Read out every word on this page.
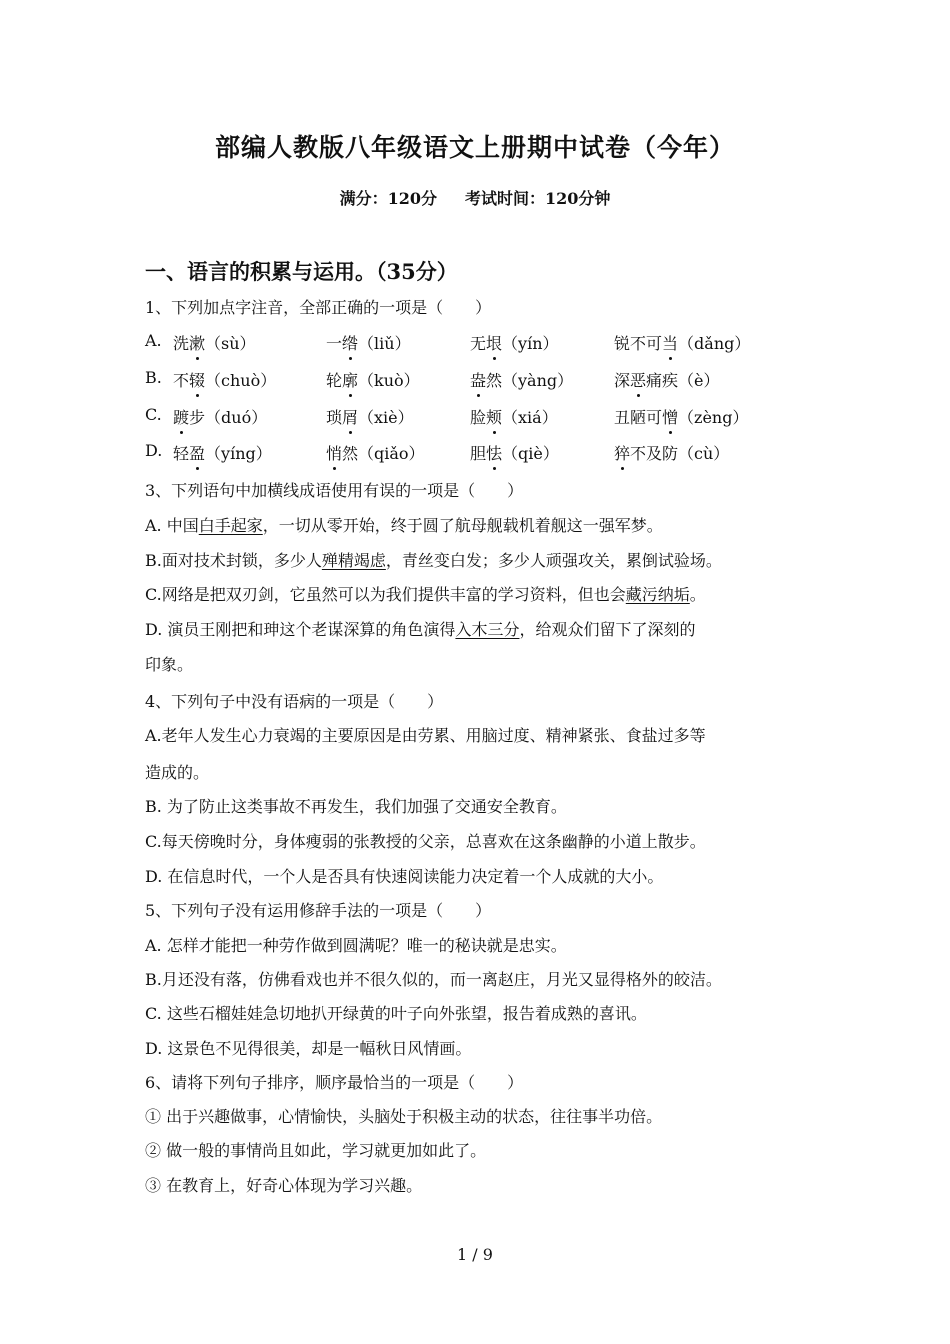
部编人教版八年级语文上册期中试卷（今年）
满分：120分 考试时间：120分钟
一、语言的积累与运用。（35分）
1、下列加点字注音，全部正确的一项是（　　）
A. 洗漱（sù）	一绺（liǔ）	无垠（yín）	锐不可当（dǎng）
B. 不辍（chuò）	轮廓（kuò）	盎然（yàng）	深恶痛疾（è）
C. 踱步（duó）	琐屑（xiè）	脸颊（xiá）	丑陋可憎（zèng）
D. 轻盈（yíng）	悄然（qiǎo）	胆怯（qiè）	猝不及防（cù）
3、下列语句中加横线成语使用有误的一项是（　　）
A. 中国白手起家，一切从零开始，终于圆了航母舰载机着舰这一强军梦。
B.面对技术封锁，多少人殚精竭虑，青丝变白发；多少人顽强攻关，累倒试验场。
C.网络是把双刃剑，它虽然可以为我们提供丰富的学习资料，但也会藏污纳垢。
D. 演员王刚把和珅这个老谋深算的角色演得入木三分，给观众们留下了深刻的
印象。
4、下列句子中没有语病的一项是（　　）
A.老年人发生心力衰竭的主要原因是由劳累、用脑过度、精神紧张、食盐过多等
造成的。
B. 为了防止这类事故不再发生，我们加强了交通安全教育。
C.每天傍晚时分，身体瘦弱的张教授的父亲，总喜欢在这条幽静的小道上散步。
D. 在信息时代，一个人是否具有快速阅读能力决定着一个人成就的大小。
5、下列句子没有运用修辞手法的一项是（　　）
A. 怎样才能把一种劳作做到圆满呢？唯一的秘诀就是忠实。
B.月还没有落，仿佛看戏也并不很久似的，而一离赵庄，月光又显得格外的皎洁。
C. 这些石榴娃娃急切地扒开绿黄的叶子向外张望，报告着成熟的喜讯。
D. 这景色不见得很美，却是一幅秋日风情画。
6、请将下列句子排序，顺序最恰当的一项是（　　）
① 出于兴趣做事，心情愉快，头脑处于积极主动的状态，往往事半功倍。
② 做一般的事情尚且如此，学习就更加如此了。
③ 在教育上，好奇心体现为学习兴趣。
1 / 9
